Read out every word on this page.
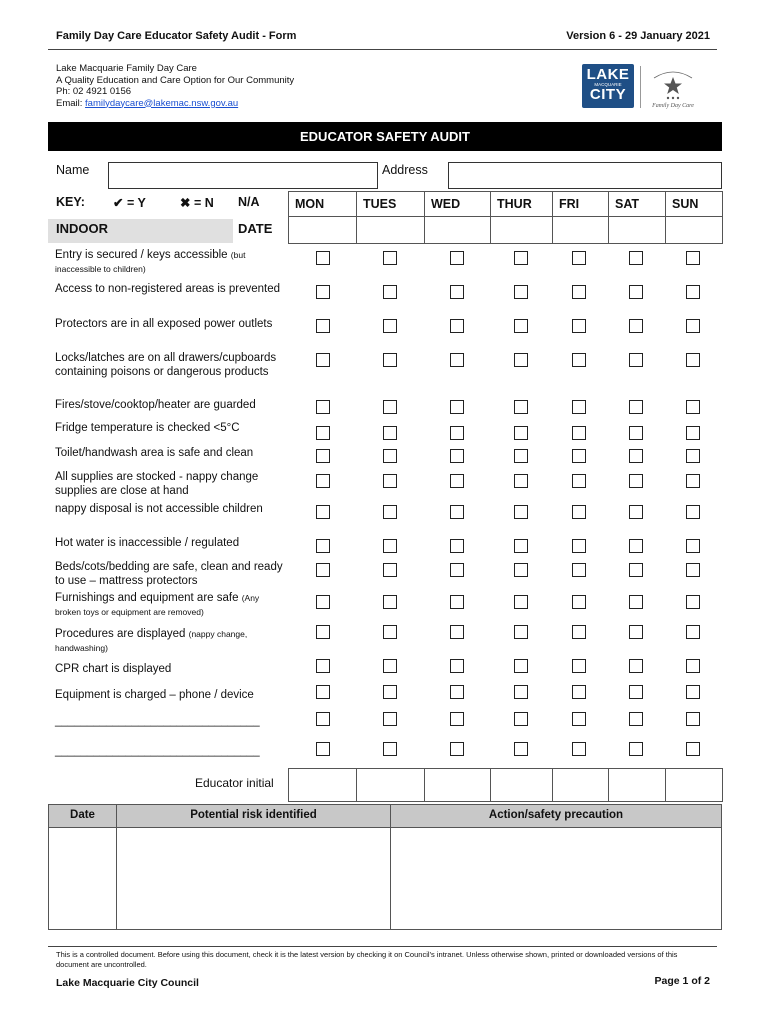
Family Day Care Educator Safety Audit - Form	Version 6 - 29 January 2021
Lake Macquarie Family Day Care
A Quality Education and Care Option for Our Community
Ph: 02 4921 0156
Email: familydaycare@lakemac.nsw.gov.au
LAKE
MACQUARIE
CITY
Family Day Care
EDUCATOR SAFETY AUDIT
Name	Address
KEY: ✔ = Y	✖ = N N/A	MON	TUES	WED	THUR	FRI	SAT	SUN
INDOOR	DATE
Entry is secured / keys accessible (but inaccessible to children)
Access to non-registered areas is prevented
Protectors are in all exposed power outlets
Locks/latches are on all drawers/cupboards containing poisons or dangerous products
Fires/stove/cooktop/heater are guarded
Fridge temperature is checked <5°C
Toilet/handwash area is safe and clean
All supplies are stocked - nappy change supplies are close at hand
nappy disposal is not accessible children
Hot water is inaccessible / regulated
Beds/cots/bedding are safe, clean and ready to use – mattress protectors
Furnishings and equipment are safe (Any broken toys or equipment are removed)
Procedures are displayed (nappy change, handwashing)
CPR chart is displayed
Equipment is charged – phone / device
________________________________
________________________________
Educator initial
Date	Potential risk identified	Action/safety precaution
This is a controlled document. Before using this document, check it is the latest version by checking it on Council’s intranet. Unless otherwise shown, printed or downloaded versions of this document are uncontrolled.
Lake Macquarie City Council	Page 1 of 2
